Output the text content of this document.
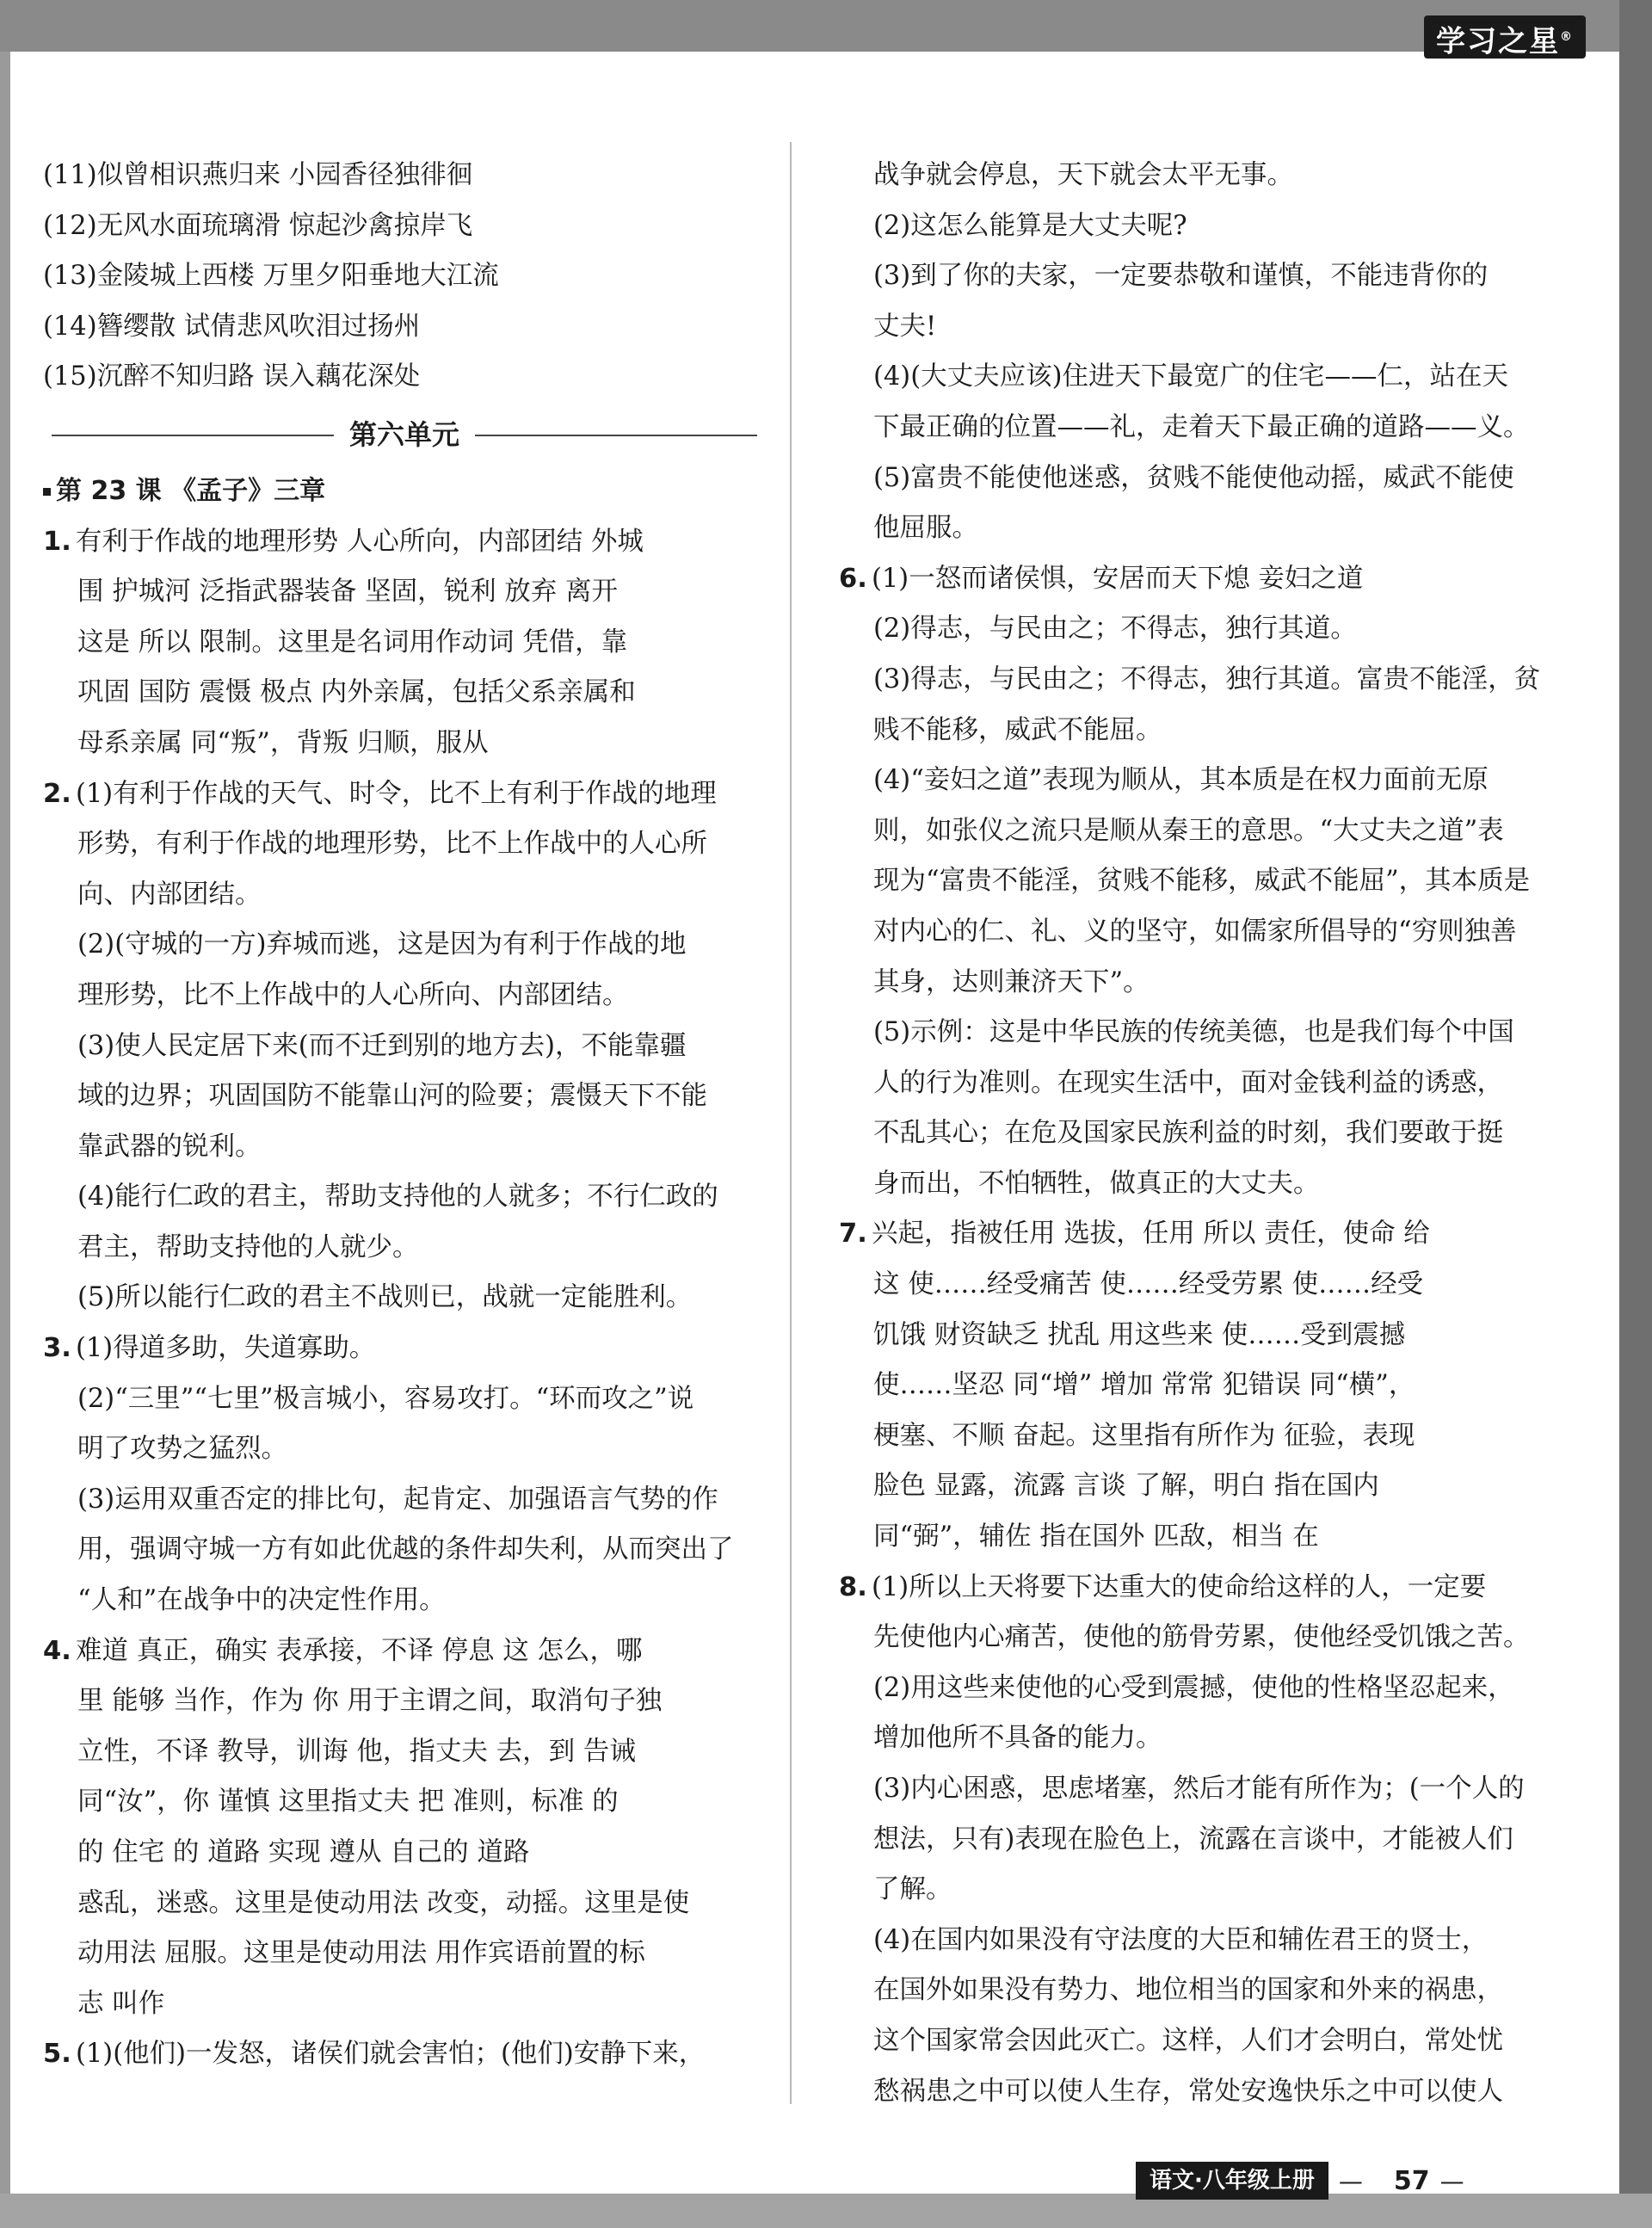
学习之星®
(11)似曾相识燕归来 小园香径独徘徊
(12)无风水面琉璃滑 惊起沙禽掠岸飞
(13)金陵城上西楼 万里夕阳垂地大江流
(14)簪缨散 试倩悲风吹泪过扬州
(15)沉醉不知归路 误入藕花深处
第六单元
第 23 课 《孟子》三章
1. 有利于作战的地理形势 人心所向，内部团结 外城
围 护城河 泛指武器装备 坚固，锐利 放弃 离开
这是 所以 限制。这里是名词用作动词 凭借，靠
巩固 国防 震慑 极点 内外亲属，包括父系亲属和
母系亲属 同“叛”，背叛 归顺，服从
2. (1)有利于作战的天气、时令，比不上有利于作战的地理
形势，有利于作战的地理形势，比不上作战中的人心所
向、内部团结。
(2)(守城的一方)弃城而逃，这是因为有利于作战的地
理形势，比不上作战中的人心所向、内部团结。
(3)使人民定居下来(而不迁到别的地方去)，不能靠疆
域的边界；巩固国防不能靠山河的险要；震慑天下不能
靠武器的锐利。
(4)能行仁政的君主，帮助支持他的人就多；不行仁政的
君主，帮助支持他的人就少。
(5)所以能行仁政的君主不战则已，战就一定能胜利。
3. (1)得道多助，失道寡助。
(2)“三里”“七里”极言城小，容易攻打。“环而攻之”说
明了攻势之猛烈。
(3)运用双重否定的排比句，起肯定、加强语言气势的作
用，强调守城一方有如此优越的条件却失利，从而突出了
“人和”在战争中的决定性作用。
4. 难道 真正，确实 表承接，不译 停息 这 怎么，哪
里 能够 当作，作为 你 用于主谓之间，取消句子独
立性，不译 教导，训诲 他，指丈夫 去，到 告诫
同“汝”，你 谨慎 这里指丈夫 把 准则，标准 的
的 住宅 的 道路 实现 遵从 自己的 道路
惑乱，迷惑。这里是使动用法 改变，动摇。这里是使
动用法 屈服。这里是使动用法 用作宾语前置的标
志 叫作
5. (1)(他们)一发怒，诸侯们就会害怕；(他们)安静下来，
战争就会停息，天下就会太平无事。
(2)这怎么能算是大丈夫呢?
(3)到了你的夫家，一定要恭敬和谨慎，不能违背你的
丈夫!
(4)(大丈夫应该)住进天下最宽广的住宅——仁，站在天
下最正确的位置——礼，走着天下最正确的道路——义。
(5)富贵不能使他迷惑，贫贱不能使他动摇，威武不能使
他屈服。
6. (1)一怒而诸侯惧，安居而天下熄 妾妇之道
(2)得志，与民由之；不得志，独行其道。
(3)得志，与民由之；不得志，独行其道。富贵不能淫，贫
贱不能移，威武不能屈。
(4)“妾妇之道”表现为顺从，其本质是在权力面前无原
则，如张仪之流只是顺从秦王的意思。“大丈夫之道”表
现为“富贵不能淫，贫贱不能移，威武不能屈”，其本质是
对内心的仁、礼、义的坚守，如儒家所倡导的“穷则独善
其身，达则兼济天下”。
(5)示例：这是中华民族的传统美德，也是我们每个中国
人的行为准则。在现实生活中，面对金钱利益的诱惑，
不乱其心；在危及国家民族利益的时刻，我们要敢于挺
身而出，不怕牺牲，做真正的大丈夫。
7. 兴起，指被任用 选拔，任用 所以 责任，使命 给
这 使……经受痛苦 使……经受劳累 使……经受
饥饿 财资缺乏 扰乱 用这些来 使……受到震撼
使……坚忍 同“增” 增加 常常 犯错误 同“横”，
梗塞、不顺 奋起。这里指有所作为 征验，表现
脸色 显露，流露 言谈 了解，明白 指在国内
同“弼”，辅佐 指在国外 匹敌，相当 在
8. (1)所以上天将要下达重大的使命给这样的人，一定要
先使他内心痛苦，使他的筋骨劳累，使他经受饥饿之苦。
(2)用这些来使他的心受到震撼，使他的性格坚忍起来，
增加他所不具备的能力。
(3)内心困惑，思虑堵塞，然后才能有所作为；(一个人的
想法，只有)表现在脸色上，流露在言谈中，才能被人们
了解。
(4)在国内如果没有守法度的大臣和辅佐君王的贤士，
在国外如果没有势力、地位相当的国家和外来的祸患，
这个国家常会因此灭亡。这样，人们才会明白，常处忧
愁祸患之中可以使人生存，常处安逸快乐之中可以使人
语文·八年级上册	— 57 —
